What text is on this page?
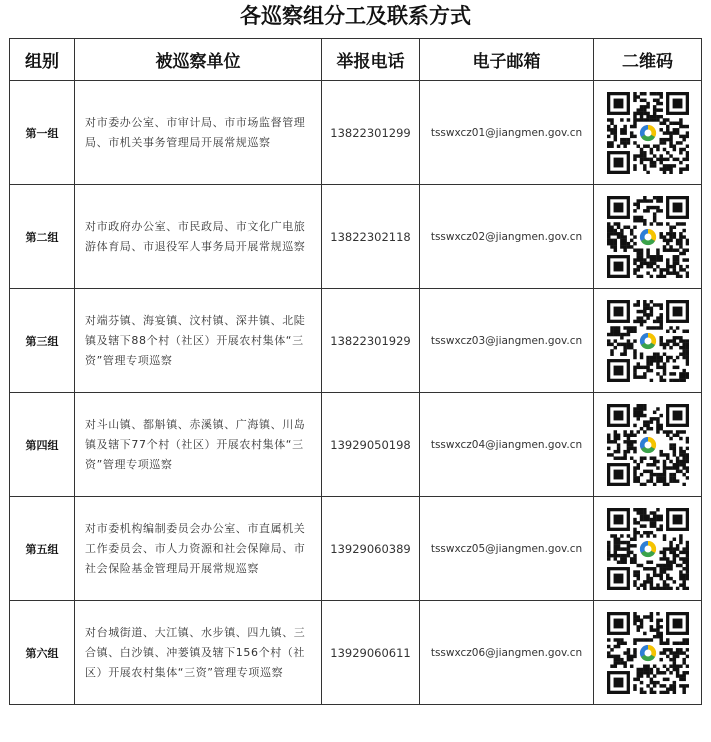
各巡察组分工及联系方式
组别	被巡察单位	举报电话	电子邮箱	二维码
第一组	对市委办公室、市审计局、市市场监督管理局、市机关事务管理局开展常规巡察	13822301299	tsswxcz01@jiangmen.gov.cn	

第二组	对市政府办公室、市民政局、市文化广电旅游体育局、市退役军人事务局开展常规巡察	13822302118	tsswxcz02@jiangmen.gov.cn	

第三组	对端芬镇、海宴镇、汶村镇、深井镇、北陡镇及辖下88个村（社区）开展农村集体“三资”管理专项巡察	13822301929	tsswxcz03@jiangmen.gov.cn	

第四组	对斗山镇、都斛镇、赤溪镇、广海镇、川岛镇及辖下77个村（社区）开展农村集体“三资”管理专项巡察	13929050198	tsswxcz04@jiangmen.gov.cn	

第五组	对市委机构编制委员会办公室、市直属机关工作委员会、市人力资源和社会保障局、市社会保险基金管理局开展常规巡察	13929060389	tsswxcz05@jiangmen.gov.cn	

第六组	对台城街道、大江镇、水步镇、四九镇、三合镇、白沙镇、冲蒌镇及辖下156个村（社区）开展农村集体“三资”管理专项巡察	13929060611	tsswxcz06@jiangmen.gov.cn	
